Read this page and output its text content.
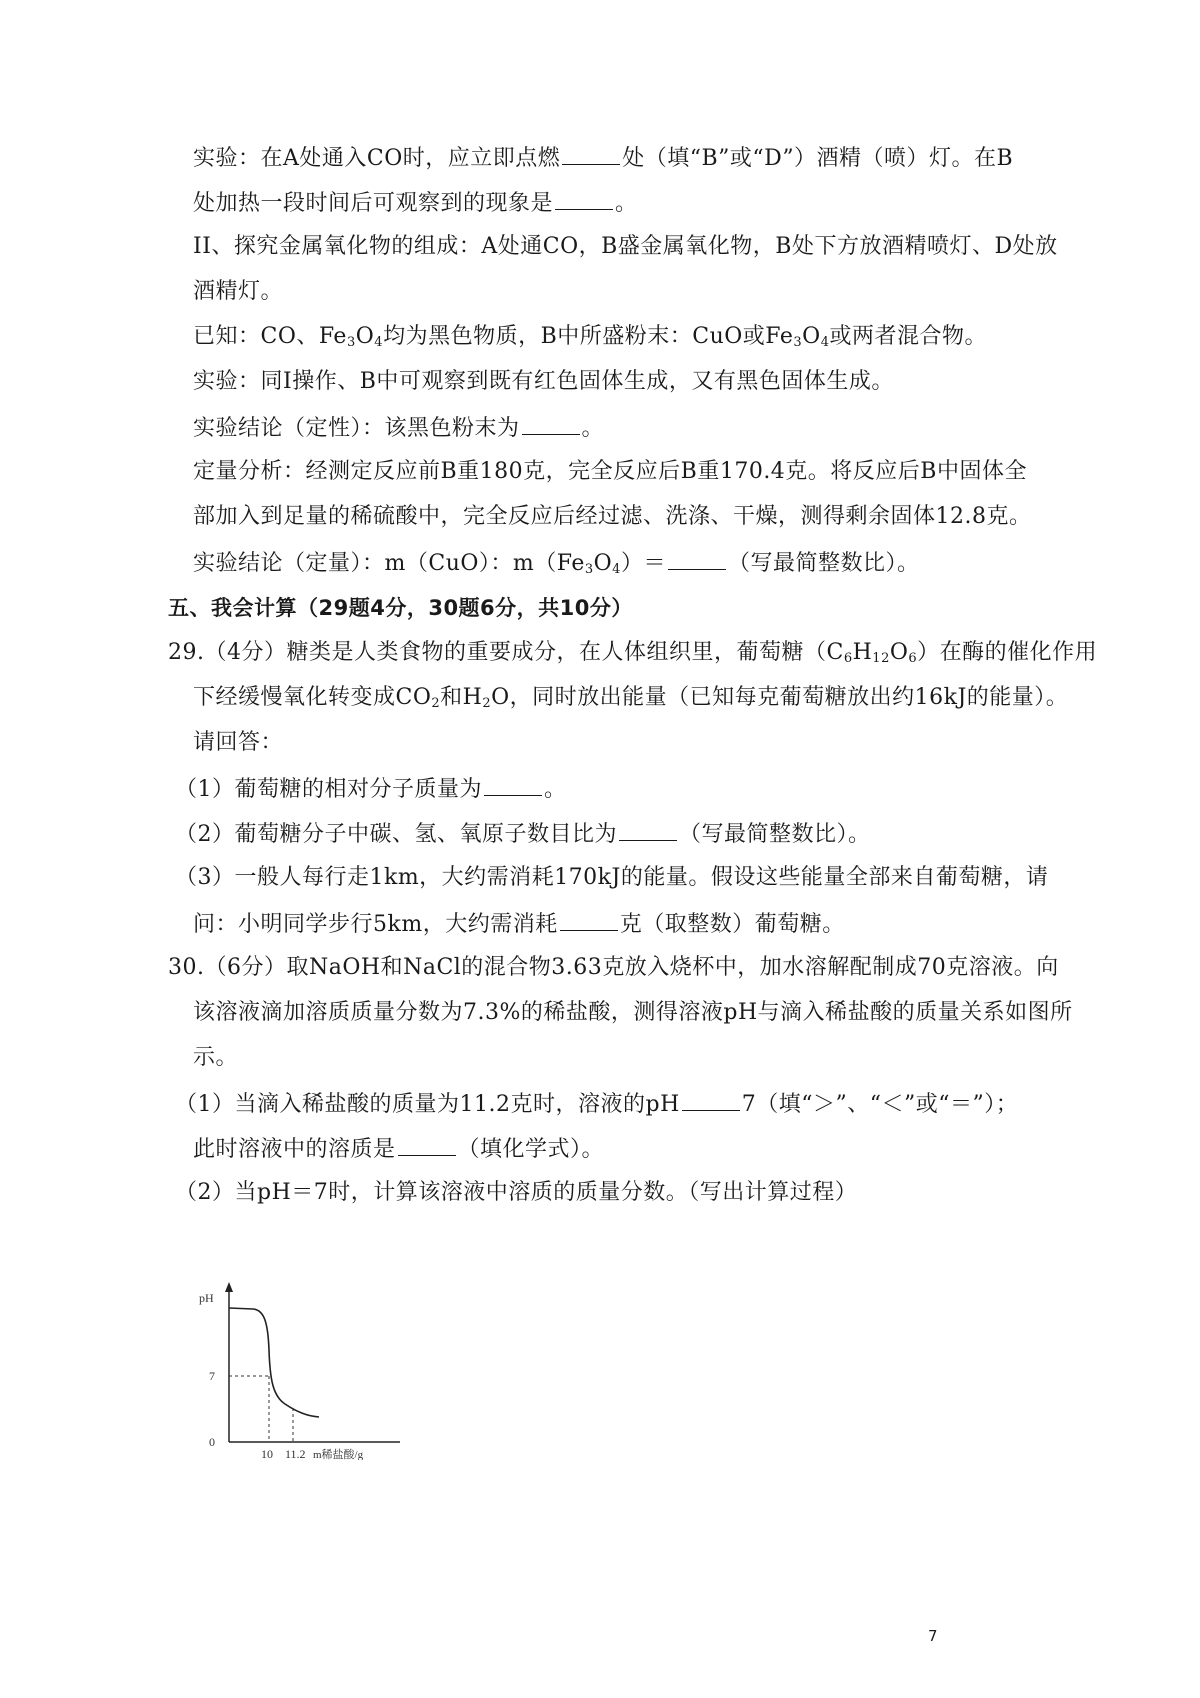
实验：在A处通入CO时，应立即点燃	处（填“B”或“D”）酒精（喷）灯。在B
处加热一段时间后可观察到的现象是	。
II、探究金属氧化物的组成：A处通CO，B盛金属氧化物，B处下方放酒精喷灯、D处放
酒精灯。
已知：CO、$Fe_3O_4$均为黑色物质，B中所盛粉末：CuO或$Fe_3O_4$或两者混合物。
实验：同I操作、B中可观察到既有红色固体生成，又有黑色固体生成。
实验结论（定性）：该黑色粉末为	。
定量分析：经测定反应前B重180克，完全反应后B重170.4克。将反应后B中固体全
部加入到足量的稀硫酸中，完全反应后经过滤、洗涤、干燥，测得剩余固体12.8克。
实验结论（定量）：m（CuO）：$m(Fe_3O_4)=$	（写最简整数比）。
五、我会计算（29题4分，30题6分，共10分）
29.（4分）糖类是人类食物的重要成分，在人体组织里，葡萄糖$(C_6H_{12}O_6)$在酶的催化作用
下经缓慢氧化转变成$CO_2$和$H_2O$，同时放出能量（已知每克葡萄糖放出约16kJ的能量）。
请回答：
（1）葡萄糖的相对分子质量为	。
（2）葡萄糖分子中碳、氢、氧原子数目比为	（写最简整数比）。
（3）一般人每行走1km，大约需消耗170kJ的能量。假设这些能量全部来自葡萄糖，请
问：小明同学步行5km，大约需消耗	克（取整数）葡萄糖。
30.（6分）取NaOH和NaCl的混合物3.63克放入烧杯中，加水溶解配制成70克溶液。向
该溶液滴加溶质质量分数为7.3%的稀盐酸，测得溶液pH与滴入稀盐酸的质量关系如图所
示。
（1）当滴入稀盐酸的质量为11.2克时，溶液的pH	7（填“＞”、“＜”或“＝”）；
此时溶液中的溶质是	（填化学式）。
（2）当pH＝7时，计算该溶液中溶质的质量分数。（写出计算过程）
pH
7
0
10 11.2 m稀盐酸/g
7
